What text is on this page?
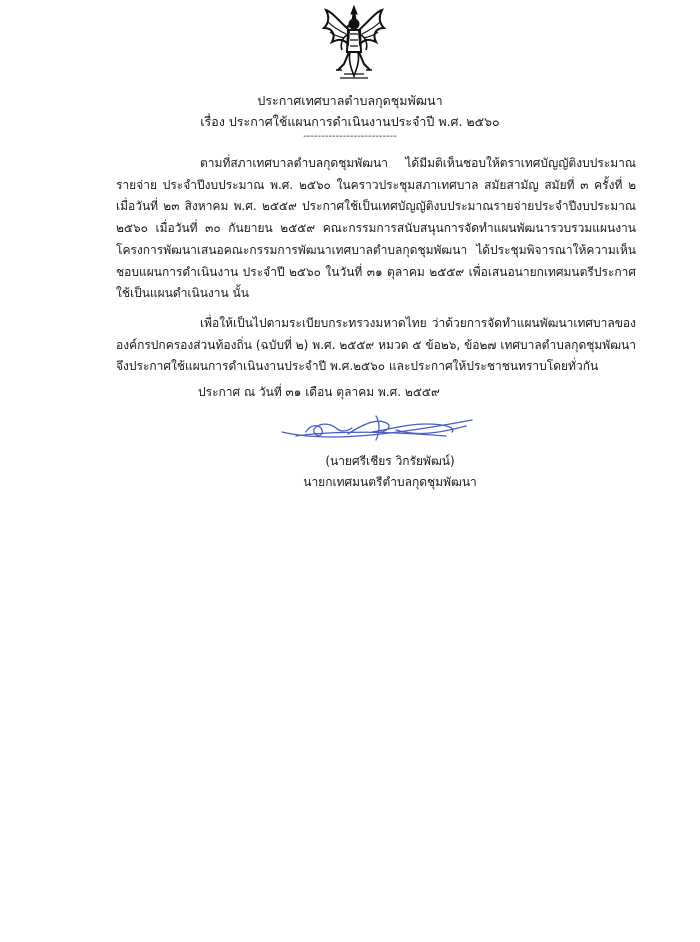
ประกาศเทศบาลตำบลกุดชุมพัฒนา
เรื่อง ประกาศใช้แผนการดำเนินงานประจำปี พ.ศ. ๒๕๖๐
--------------------------

ตามที่สภาเทศบาลตำบลกุดชุมพัฒนา ได้มีมติเห็นชอบให้ตราเทศบัญญัติงบประมาณรายจ่าย ประจำปีงบประมาณ พ.ศ. ๒๕๖๐ ในคราวประชุมสภาเทศบาล สมัยสามัญ สมัยที่ ๓ ครั้งที่ ๒ เมื่อวันที่ ๒๓ สิงหาคม พ.ศ. ๒๕๕๙ ประกาศใช้เป็นเทศบัญญัติงบประมาณรายจ่ายประจำปีงบประมาณ ๒๕๖๐ เมื่อวันที่ ๓๐ กันยายน ๒๕๕๙ คณะกรรมการสนับสนุนการจัดทำแผนพัฒนารวบรวมแผนงานโครงการพัฒนาเสนอคณะกรรมการพัฒนาเทศบาลตำบลกุดชุมพัฒนา ได้ประชุมพิจารณาให้ความเห็นชอบแผนการดำเนินงาน ประจำปี ๒๕๖๐ ในวันที่ ๓๑ ตุลาคม ๒๕๕๙ เพื่อเสนอนายกเทศมนตรีประกาศใช้เป็นแผนดำเนินงาน นั้น

เพื่อให้เป็นไปตามระเบียบกระทรวงมหาดไทย ว่าด้วยการจัดทำแผนพัฒนาเทศบาลขององค์กรปกครองส่วนท้องถิ่น (ฉบับที่ ๒) พ.ศ. ๒๕๕๙ หมวด ๕ ข้อ๒๖, ข้อ๒๗ เทศบาลตำบลกุดชุมพัฒนาจึงประกาศใช้แผนการดำเนินงานประจำปี พ.ศ.๒๕๖๐ และประกาศให้ประชาชนทราบโดยทั่วกัน

ประกาศ ณ วันที่ ๓๑ เดือน ตุลาคม พ.ศ. ๒๕๕๙
(นายศรีเชียร วิกรัยพัฒน์)
นายกเทศมนตรีตำบลกุดชุมพัฒนา
